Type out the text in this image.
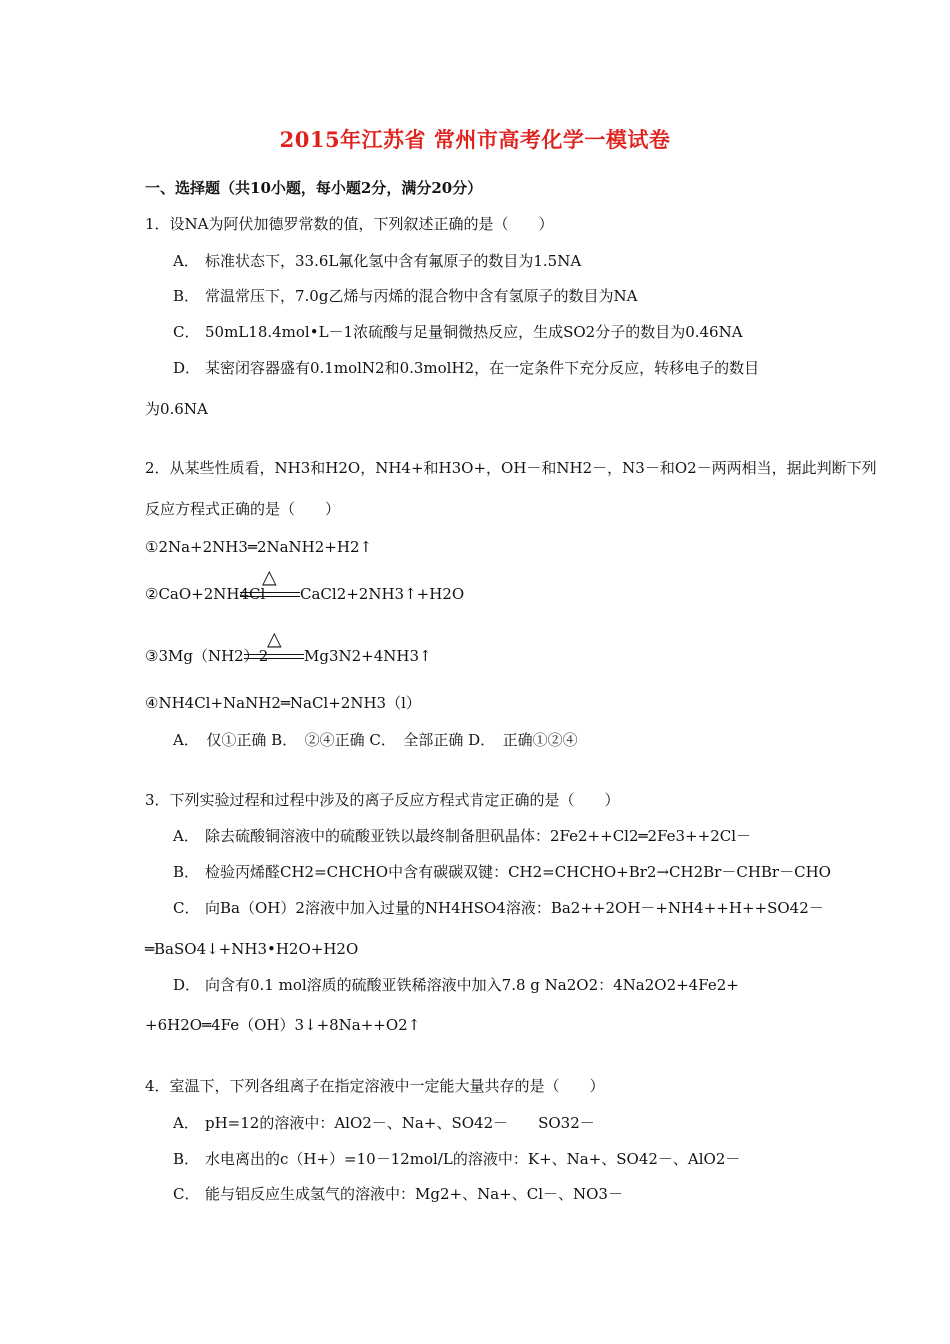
2015年江苏省 常州市高考化学一模试卷
一、选择题（共10小题，每小题2分，满分20分）
1．设NA为阿伏加德罗常数的值，下列叙述正确的是（　　）
A． 标准状态下，33.6L氟化氢中含有氟原子的数目为1.5NA
B． 常温常压下，7.0g乙烯与丙烯的混合物中含有氢原子的数目为NA
C． 50mL18.4mol•L－1浓硫酸与足量铜微热反应，生成SO2分子的数目为0.46NA
D． 某密闭容器盛有0.1molN2和0.3molH2，在一定条件下充分反应，转移电子的数目
为0.6NA
2．从某些性质看，NH3和H2O，NH4+和H3O+，OH－和NH2－，N3－和O2－两两相当，据此判断下列
反应方程式正确的是（　　）
①2Na+2NH3═2NaNH2+H2↑
②CaO+2NH4Cl
△
CaCl2+2NH3↑+H2O
③3Mg（NH2）2
△
Mg3N2+4NH3↑
④NH4Cl+NaNH2═NaCl+2NH3（l）
A．　仅①正确 B．　②④正确 C．　全部正确 D．　正确①②④
3．下列实验过程和过程中涉及的离子反应方程式肯定正确的是（　　）
A． 除去硫酸铜溶液中的硫酸亚铁以最终制备胆矾晶体：2Fe2++Cl2═2Fe3++2Cl－
B． 检验丙烯醛CH2=CHCHO中含有碳碳双键：CH2=CHCHO+Br2→CH2Br－CHBr－CHO
C． 向Ba（OH）2溶液中加入过量的NH4HSO4溶液：Ba2++2OH－+NH4++H++SO42－
═BaSO4↓+NH3•H2O+H2O
D． 向含有0.1 mol溶质的硫酸亚铁稀溶液中加入7.8 g Na2O2：4Na2O2+4Fe2+
+6H2O═4Fe（OH）3↓+8Na++O2↑
4．室温下，下列各组离子在指定溶液中一定能大量共存的是（　　）
A． pH=12的溶液中：AlO2－、Na+、SO42－　　SO32－
B． 水电离出的c（H+）=10－12mol/L的溶液中：K+、Na+、SO42－、AlO2－
C． 能与铝反应生成氢气的溶液中：Mg2+、Na+、Cl－、NO3－
